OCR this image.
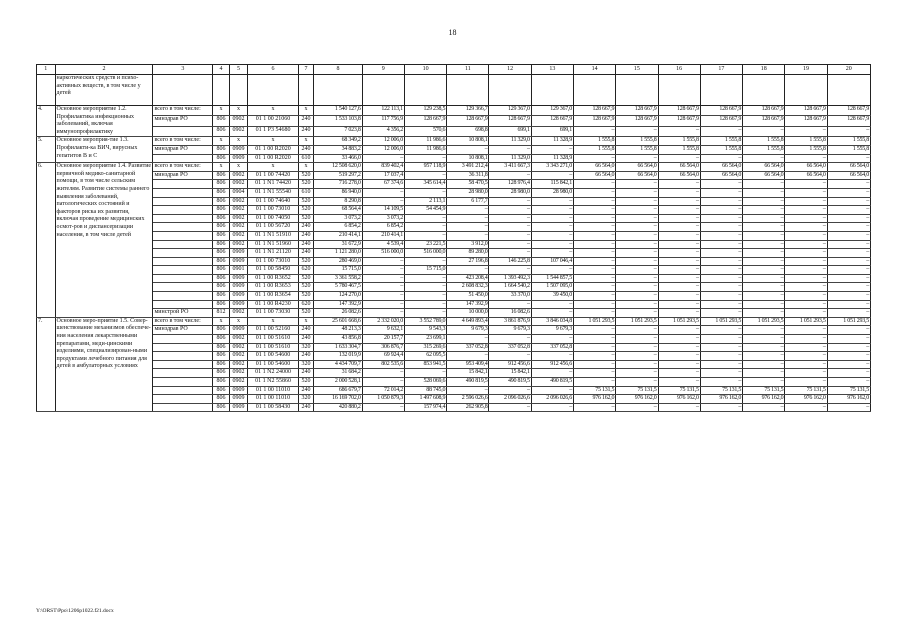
18
1	2	3	4	5	6	7	8	9	10	11	12	13	14	15	16	17	18	19	20
	наркотических средств и психо-активных веществ, в том числе у детей																		
4.	Основное мероприятие 1.2. Профилактика инфекционных заболеваний, включая иммунопрофилактику	всего в том числе:	x	x	x	x	1 540 127,6	122 113,1	129 238,5	129 366,7	129 367,0	129 367,0	128 667,9	128 667,9	128 667,9	128 667,9	128 667,9	128 667,9	128 667,9
		минздрав РО	806	0902	01 1 00 21060	240	1 533 103,8	117 756,9	128 667,9	128 667,9	128 667,9	128 667,9	128 667,9	128 667,9	128 667,9	128 667,9	128 667,9	128 667,9	128 667,9
			806	0902	01 1 P3 54680	240	7 023,8	4 356,2	570,6	698,8	699,1	699,1	–	–	–	–	–	–	–
5.	Основное мероприя-тие 1.3. Профилакти-ка ВИЧ, вирусных гепатитов B и C	всего в том числе:	x	x	x	x	68 349,2	12 006,0	11 986,6	10 808,1	11 329,0	11 328,9	1 555,8	1 555,8	1 555,8	1 555,8	1 555,8	1 555,8	1 555,8
		минздрав РО	806	0909	01 1 00 R2020	240	34 883,2	12 006,0	11 986,6	–	–	–	1 555,8	1 555,8	1 555,8	1 555,8	1 555,8	1 555,8	1 555,8
			806	0909	01 1 00 R2020	610	33 466,0	–	–	10 808,1	11 329,0	11 328,9	–	–	–	–	–	–	–
6.	Основное мероприятие 1.4. Развитие первичной медико-санитарной помощи, в том числе сельским жителям. Развитие системы раннего выявления заболеваний, патологических состояний и факторов риска их развития, включая проведение медицинских осмот-ров и диспансеризации населения, в том числе детей	всего в том числе:	x	x	x	x	12 508 620,0	839 402,4	957 118,9	3 491 212,4	3 411 667,3	3 343 271,0	66 564,0	66 564,0	66 564,0	66 564,0	66 564,0	66 564,0	66 564,0
		минздрав РО	806	0902	01 1 00 74420	520	519 297,2	17 037,4	–	36 311,8	–	–	66 564,0	66 564,0	66 564,0	66 564,0	66 564,0	66 564,0	66 564,0
			806	0902	01 1 N1 74420	520	716 278,0	67 374,6	345 614,4	58 470,5	128 976,4	115 842,1	–	–	–	–	–	–	–
			806	0904	01 1 N1 55540	610	86 940,0	–	–	28 980,0	28 980,0	28 980,0	–	–	–	–	–	–	–
			806	0902	01 1 00 74640	520	8 290,8	–	2 113,1	6 177,7	–	–	–	–	–	–	–	–	–
			806	0902	01 1 00 73010	520	68 564,4	14 109,5	54 454,9	–	–	–	–	–	–	–	–	–	–
			806	0902	01 1 00 74050	520	3 073,2	3 073,2	–	–	–	–	–	–	–	–	–	–	–
			806	0902	01 1 00 56720	240	6 854,2	6 854,2	–	–	–	–	–	–	–	–	–	–	–
			806	0902	01 1 N1 51910	240	210 414,1	210 414,1	–	–	–	–	–	–	–	–	–	–	–
			806	0902	01 1 N1 51960	240	31 672,9	4 539,4	23 221,5	3 912,0	–	–	–	–	–	–	–	–	–
			806	0909	01 1 N1 21120	240	1 121 280,0	516 000,0	516 000,0	89 280,0	–	–	–	–	–	–	–	–	–
			806	0909	01 1 00 73010	520	280 469,0	–	–	27 196,8	146 225,8	107 046,4	–	–	–	–	–	–	–
			806	0901	01 1 00 58450	620	15 715,0	–	15 715,0	–	–	–	–	–	–	–	–	–	–
			806	0909	01 1 00 R3652	520	3 361 558,2	–	–	423 208,4	1 393 492,3	1 544 857,5	–	–	–	–	–	–	–
			806	0909	01 1 00 R3653	520	5 780 467,5	–	–	2 608 832,3	1 664 540,2	1 507 095,0	–	–	–	–	–	–	–
			806	0909	01 1 00 R3654	520	124 270,0	–	–	51 450,0	33 370,0	39 450,0	–	–	–	–	–	–	–
			806	0909	01 1 00 R4230	620	147 392,9	–	–	147 392,9	–	–	–	–	–	–	–	–	–
		минстрой РО	812	0902	01 1 00 73030	520	26 082,6	–	–	10 000,0	16 082,6	–	–	–	–	–	–	–	–
7.	Основное меро-приятие 1.5. Совер-шенствование механизмов обеспече-ния населения лекарственными препаратами, меди-цинскими изделиями, специализирован-ными продуктами лечебного питания для детей в амбулаторных условиях	всего в том числе:	x	x	x	x	25 601 668,6	2 332 020,0	3 552 789,0	4 649 893,4	3 861 876,9	3 846 034,8	1 051 293,5	1 051 293,5	1 051 293,5	1 051 293,5	1 051 293,5	1 051 293,5	1 051 293,5
		минздрав РО	806	0909	01 1 00 52160	240	48 213,3	9 632,1	9 543,3	9 679,3	9 679,3	9 679,3	–	–	–	–	–	–	–
			806	0902	01 1 00 51610	240	43 856,8	20 157,7	23 699,1	–	–	–	–	–	–	–	–	–	–
			806	0902	01 1 00 51610	320	1 633 304,7	306 876,7	315 269,6	337 052,8	337 052,8	337 052,8	–	–	–	–	–	–	–
			806	0902	01 1 00 54600	240	132 019,9	69 924,4	62 095,5	–	–	–	–	–	–	–	–	–	–
			806	0902	01 1 00 54600	320	4 434 709,7	802 535,6	853 941,5	953 409,4	912 456,6	912 456,6	–	–	–	–	–	–	–
			806	0902	01 1 N2 24000	240	31 684,2	–	–	15 842,1	15 842,1	–	–	–	–	–	–	–	–
			806	0902	01 1 N2 55860	520	2 000 528,1	–	528 069,6	490 819,5	490 819,5	490 819,5	–	–	–	–	–	–	–
			806	0909	01 1 00 11010	240	686 679,7	72 014,2	88 745,0	–	–	–	75 131,5	75 131,5	75 131,5	75 131,5	75 131,5	75 131,5	75 131,5
			806	0909	01 1 00 11010	320	16 169 702,0	1 050 879,3	1 497 608,9	2 596 026,6	2 096 026,6	2 096 026,6	976 162,0	976 162,0	976 162,0	976 162,0	976 162,0	976 162,0	976 162,0
			806	0909	01 1 00 58430	240	420 880,2	–	157 974,4	262 905,8	–	–	–	–	–	–	–	–	–
Y:\ORST\Ppo\1206p1022.f21.docx
